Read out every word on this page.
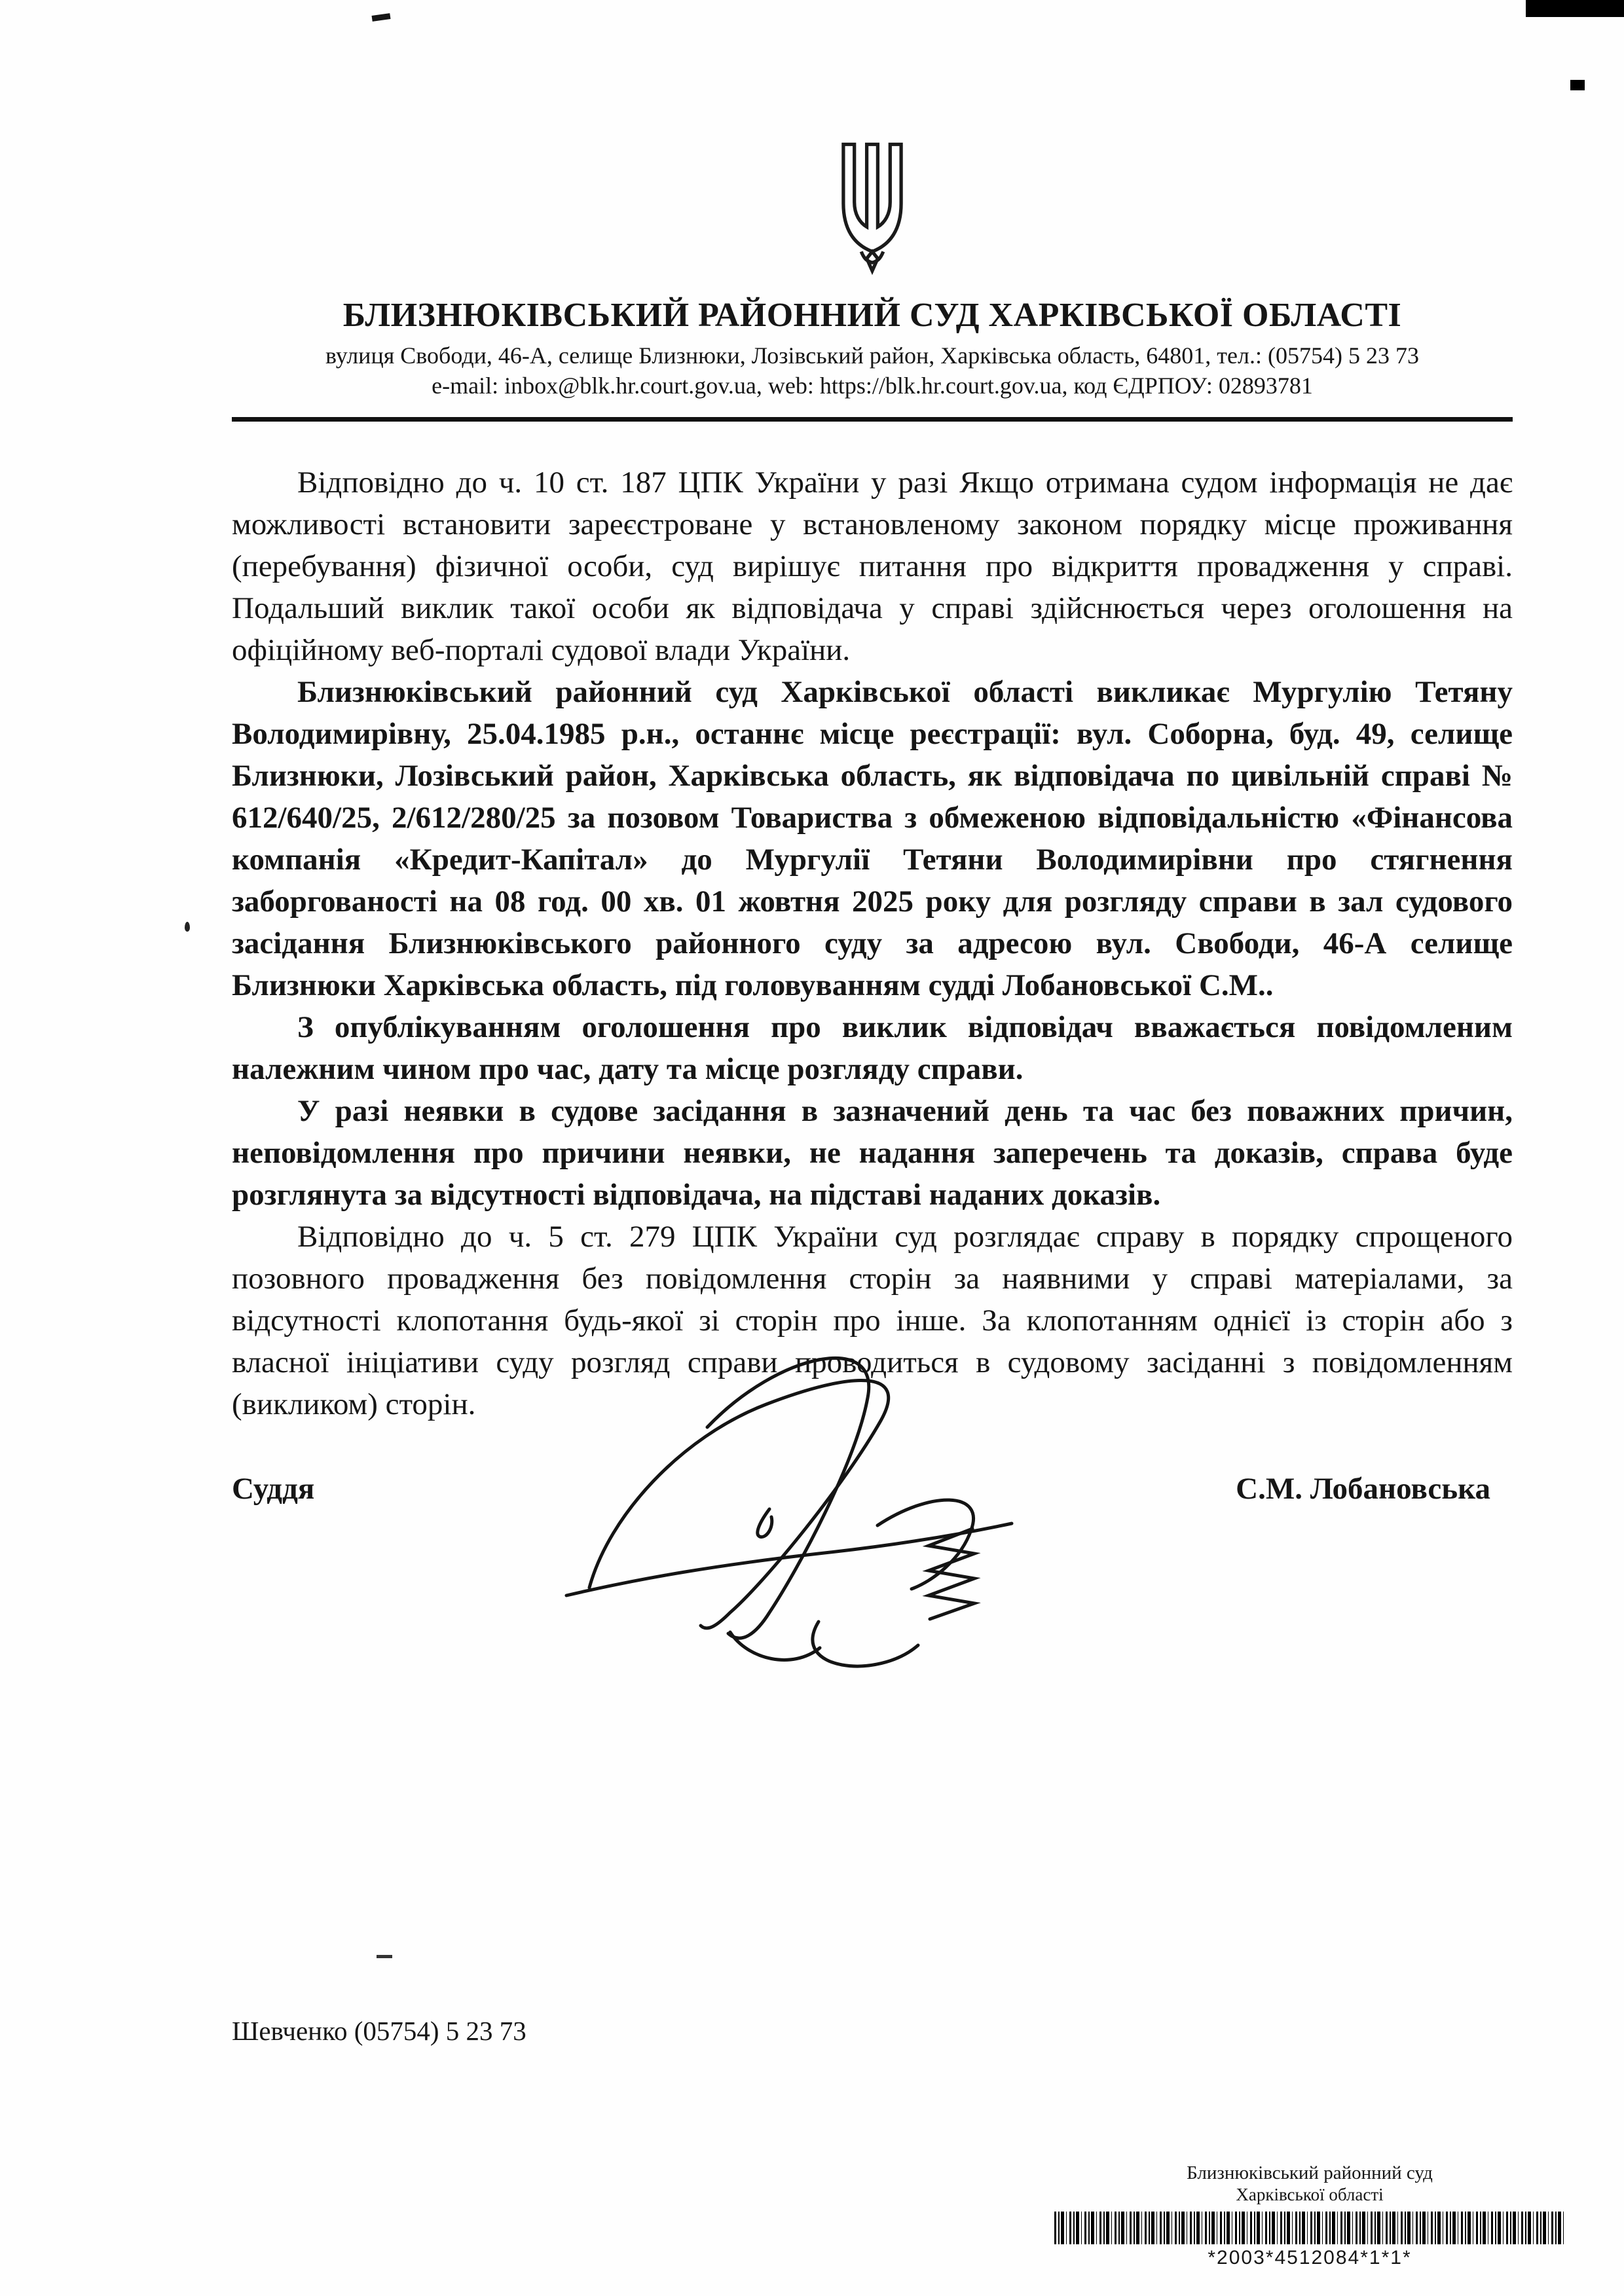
БЛИЗНЮКІВСЬКИЙ РАЙОННИЙ СУД ХАРКІВСЬКОЇ ОБЛАСТІ
вулиця Свободи, 46-А, селище Близнюки, Лозівський район, Харківська область, 64801, тел.: (05754) 5 23 73
e-mail: inbox@blk.hr.court.gov.ua, web: https://blk.hr.court.gov.ua, код ЄДРПОУ: 02893781

Відповідно до ч. 10 ст. 187 ЦПК України у разі Якщо отримана судом інформація не дає можливості встановити зареєстроване у встановленому законом порядку місце проживання (перебування) фізичної особи, суд вирішує питання про відкриття провадження у справі. Подальший виклик такої особи як відповідача у справі здійснюється через оголошення на офіційному веб-порталі судової влади України.

Близнюківський районний суд Харківської області викликає Мургулію Тетяну Володимирівну, 25.04.1985 р.н., останнє місце реєстрації: вул. Соборна, буд. 49, селище Близнюки, Лозівський район, Харківська область, як відповідача по цивільній справі № 612/640/25, 2/612/280/25 за позовом Товариства з обмеженою відповідальністю «Фінансова компанія «Кредит-Капітал» до Мургулії Тетяни Володимирівни про стягнення заборгованості на 08 год. 00 хв. 01 жовтня 2025 року для розгляду справи в зал судового засідання Близнюківського районного суду за адресою вул. Свободи, 46-А селище Близнюки Харківська область, під головуванням судді Лобановської С.М..

З опублікуванням оголошення про виклик відповідач вважається повідомленим належним чином про час, дату та місце розгляду справи.

У разі неявки в судове засідання в зазначений день та час без поважних причин, неповідомлення про причини неявки, не надання заперечень та доказів, справа буде розглянута за відсутності відповідача, на підставі наданих доказів.

Відповідно до ч. 5 ст. 279 ЦПК України суд розглядає справу в порядку спрощеного позовного провадження без повідомлення сторін за наявними у справі матеріалами, за відсутності клопотання будь-якої зі сторін про інше. За клопотанням однієї із сторін або з власної ініціативи суду розгляд справи проводиться в судовому засіданні з повідомленням (викликом) сторін.

Суддя	С.М. Лобановська
Шевченко (05754) 5 23 73
Близнюківський районний суд
Харківської області
*2003*4512084*1*1*
